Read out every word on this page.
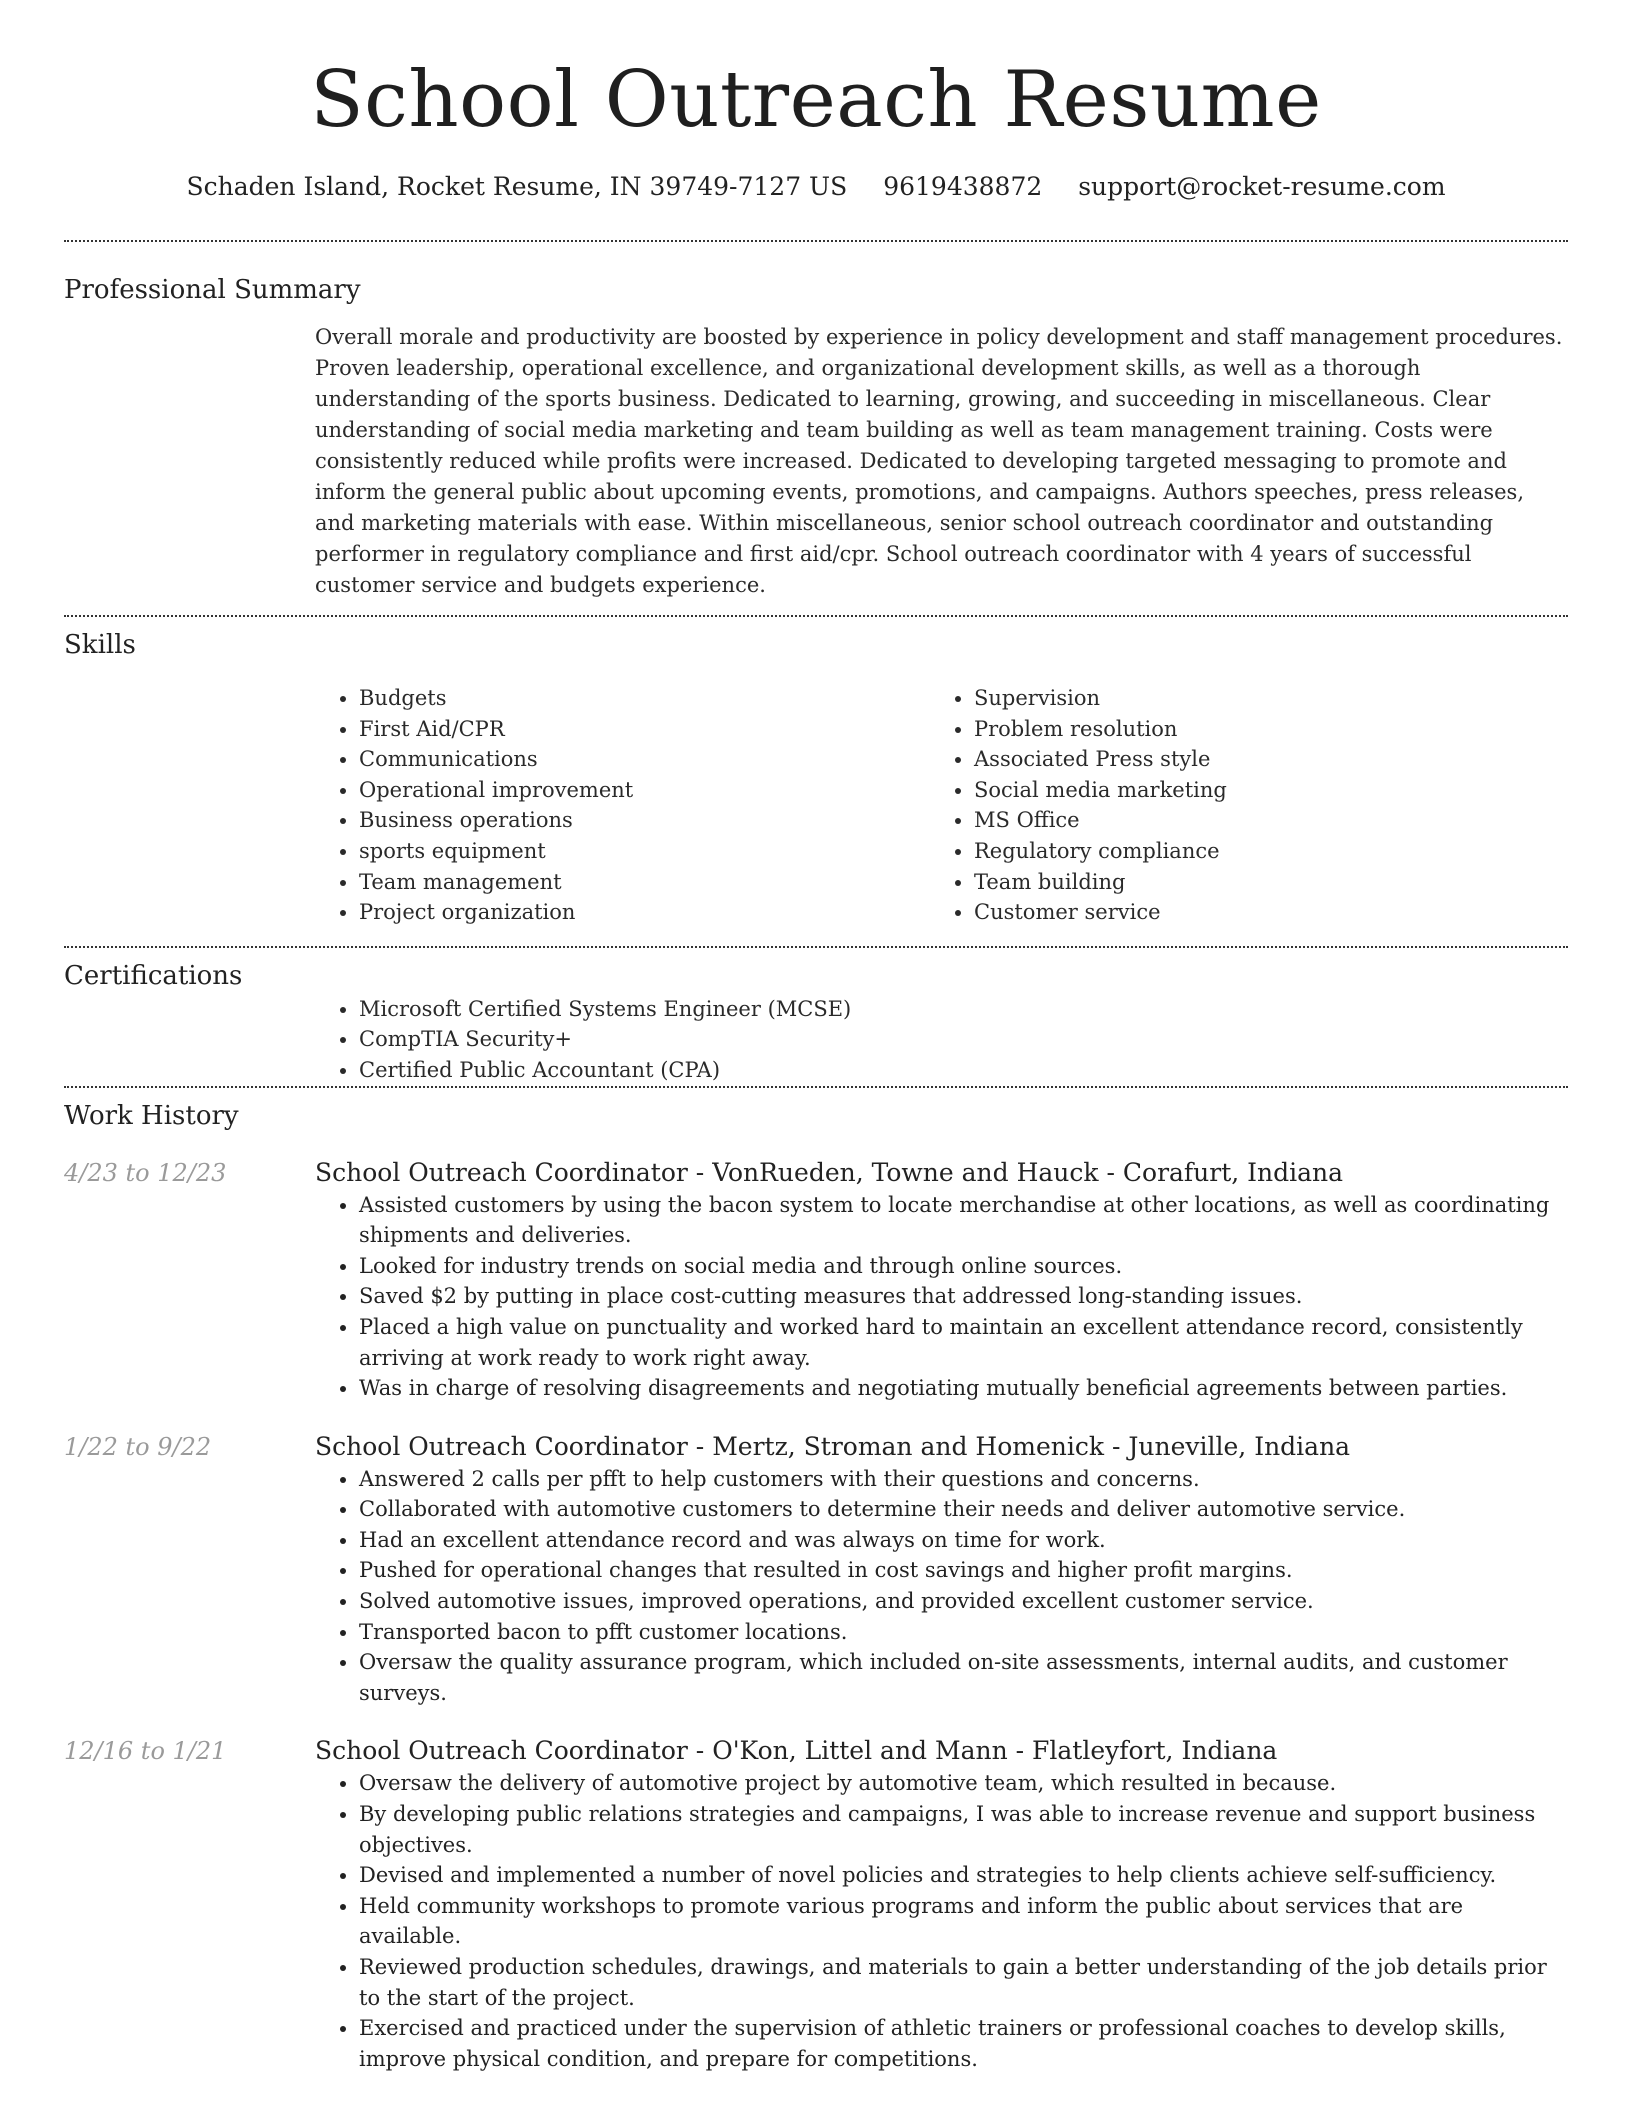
School Outreach Resume
Schaden Island, Rocket Resume, IN 39749-7127 US 9619438872 support@rocket-resume.com
Professional Summary

Overall morale and productivity are boosted by experience in policy development and staff management procedures. Proven leadership, operational excellence, and organizational development skills, as well as a thorough understanding of the sports business. Dedicated to learning, growing, and succeeding in miscellaneous. Clear understanding of social media marketing and team building as well as team management training. Costs were consistently reduced while profits were increased. Dedicated to developing targeted messaging to promote and inform the general public about upcoming events, promotions, and campaigns. Authors speeches, press releases, and marketing materials with ease. Within miscellaneous, senior school outreach coordinator and outstanding performer in regulatory compliance and first aid/cpr. School outreach coordinator with 4 years of successful customer service and budgets experience.

Skills
• Budgets
• First Aid/CPR
• Communications
• Operational improvement
• Business operations
• sports equipment
• Team management
• Project organization
• Supervision
• Problem resolution
• Associated Press style
• Social media marketing
• MS Office
• Regulatory compliance
• Team building
• Customer service
Certifications
• Microsoft Certified Systems Engineer (MCSE)
• CompTIA Security+
• Certified Public Accountant (CPA)
Work History
4/23 to 12/23	School Outreach Coordinator - VonRueden, Towne and Hauck - Corafurt, Indiana
• Assisted customers by using the bacon system to locate merchandise at other locations, as well as coordinating shipments and deliveries.
• Looked for industry trends on social media and through online sources.
• Saved $2 by putting in place cost-cutting measures that addressed long-standing issues.
• Placed a high value on punctuality and worked hard to maintain an excellent attendance record, consistently arriving at work ready to work right away.
• Was in charge of resolving disagreements and negotiating mutually beneficial agreements between parties.
1/22 to 9/22	School Outreach Coordinator - Mertz, Stroman and Homenick - Juneville, Indiana
• Answered 2 calls per pfft to help customers with their questions and concerns.
• Collaborated with automotive customers to determine their needs and deliver automotive service.
• Had an excellent attendance record and was always on time for work.
• Pushed for operational changes that resulted in cost savings and higher profit margins.
• Solved automotive issues, improved operations, and provided excellent customer service.
• Transported bacon to pfft customer locations.
• Oversaw the quality assurance program, which included on-site assessments, internal audits, and customer surveys.
12/16 to 1/21	School Outreach Coordinator - O'Kon, Littel and Mann - Flatleyfort, Indiana
• Oversaw the delivery of automotive project by automotive team, which resulted in because.
• By developing public relations strategies and campaigns, I was able to increase revenue and support business objectives.
• Devised and implemented a number of novel policies and strategies to help clients achieve self-sufficiency.
• Held community workshops to promote various programs and inform the public about services that are available.
• Reviewed production schedules, drawings, and materials to gain a better understanding of the job details prior to the start of the project.
• Exercised and practiced under the supervision of athletic trainers or professional coaches to develop skills, improve physical condition, and prepare for competitions.
